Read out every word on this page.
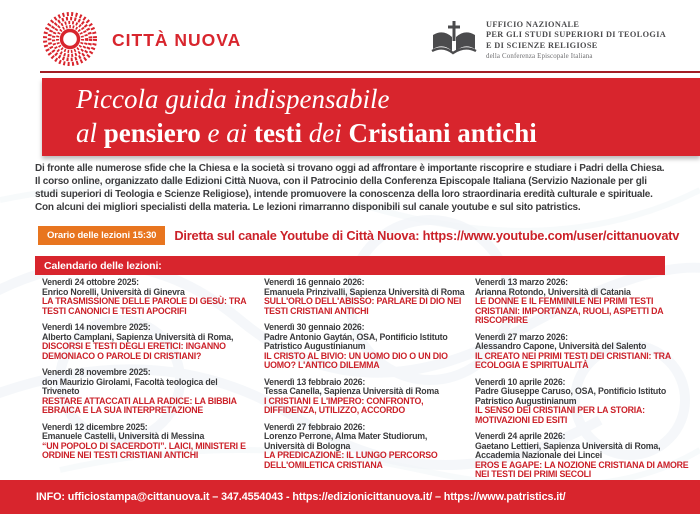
CITTÀ NUOVA
UFFICIO NAZIONALE
PER GLI STUDI SUPERIORI DI TEOLOGIA
E DI SCIENZE RELIGIOSE
della Conferenza Episcopale Italiana
Piccola guida indispensabile
al pensiero e ai testi dei Cristiani antichi
Di fronte alle numerose sfide che la Chiesa e la società si trovano oggi ad affrontare è importante riscoprire e studiare i Padri della Chiesa. Il corso online, organizzato dalle Edizioni Città Nuova, con il Patrocinio della Conferenza Episcopale Italiana (Servizio Nazionale per gli studi superiori di Teologia e Scienze Religiose), intende promuovere la conoscenza della loro straordinaria eredità culturale e spirituale. Con alcuni dei migliori specialisti della materia. Le lezioni rimarranno disponibili sul canale youtube e sul sito patristics.
Orario delle lezioni 15:30	Diretta sul canale Youtube di Città Nuova: https://www.youtube.com/user/cittanuovatv
Calendario delle lezioni:
Venerdì 24 ottobre 2025:
Enrico Norelli, Università di Ginevra
LA TRASMISSIONE DELLE PAROLE DI GESÙ: TRA TESTI CANONICI E TESTI APOCRIFI
Venerdì 14 novembre 2025:
Alberto Camplani, Sapienza Università di Roma,
DISCORSI E TESTI DEGLI ERETICI: INGANNO DEMONIACO O PAROLE DI CRISTIANI?
Venerdì 28 novembre 2025:
don Maurizio Girolami, Facoltà teologica del Triveneto
RESTARE ATTACCATI ALLA RADICE: LA BIBBIA EBRAICA E LA SUA INTERPRETAZIONE
Venerdì 12 dicembre 2025:
Emanuele Castelli, Università di Messina
“UN POPOLO DI SACERDOTI”. LAICI, MINISTERI E ORDINE NEI TESTI CRISTIANI ANTICHI
Venerdì 16 gennaio 2026:
Emanuela Prinzivalli, Sapienza Università di Roma
SULL'ORLO DELL'ABISSO: PARLARE DI DIO NEI TESTI CRISTIANI ANTICHI
Venerdì 30 gennaio 2026:
Padre Antonio Gaytán, OSA, Pontificio Istituto Patristico Augustinianum
IL CRISTO AL BIVIO: UN UOMO DIO O UN DIO UOMO? L'ANTICO DILEMMA
Venerdì 13 febbraio 2026:
Tessa Canella, Sapienza Università di Roma
I CRISTIANI E L'IMPERO: CONFRONTO, DIFFIDENZA, UTILIZZO, ACCORDO
Venerdì 27 febbraio 2026:
Lorenzo Perrone, Alma Mater Studiorum, Università di Bologna
LA PREDICAZIONE: IL LUNGO PERCORSO DELL'OMILETICA CRISTIANA
Venerdì 13 marzo 2026:
Arianna Rotondo, Università di Catania
LE DONNE E IL FEMMINILE NEI PRIMI TESTI CRISTIANI: IMPORTANZA, RUOLI, ASPETTI DA RISCOPRIRE
Venerdì 27 marzo 2026:
Alessandro Capone, Università del Salento
IL CREATO NEI PRIMI TESTI DEI CRISTIANI: TRA ECOLOGIA E SPIRITUALITÀ
Venerdì 10 aprile 2026:
Padre Giuseppe Caruso, OSA, Pontificio Istituto Patristico Augustinianum
IL SENSO DEI CRISTIANI PER LA STORIA: MOTIVAZIONI ED ESITI
Venerdì 24 aprile 2026:
Gaetano Lettieri, Sapienza Università di Roma, Accademia Nazionale dei Lincei
EROS E AGAPE: LA NOZIONE CRISTIANA DI AMORE NEI TESTI DEI PRIMI SECOLI
INFO: ufficiostampa@cittanuova.it – 347.4554043 - https://edizionicittanuova.it/ – https://www.patristics.it/
